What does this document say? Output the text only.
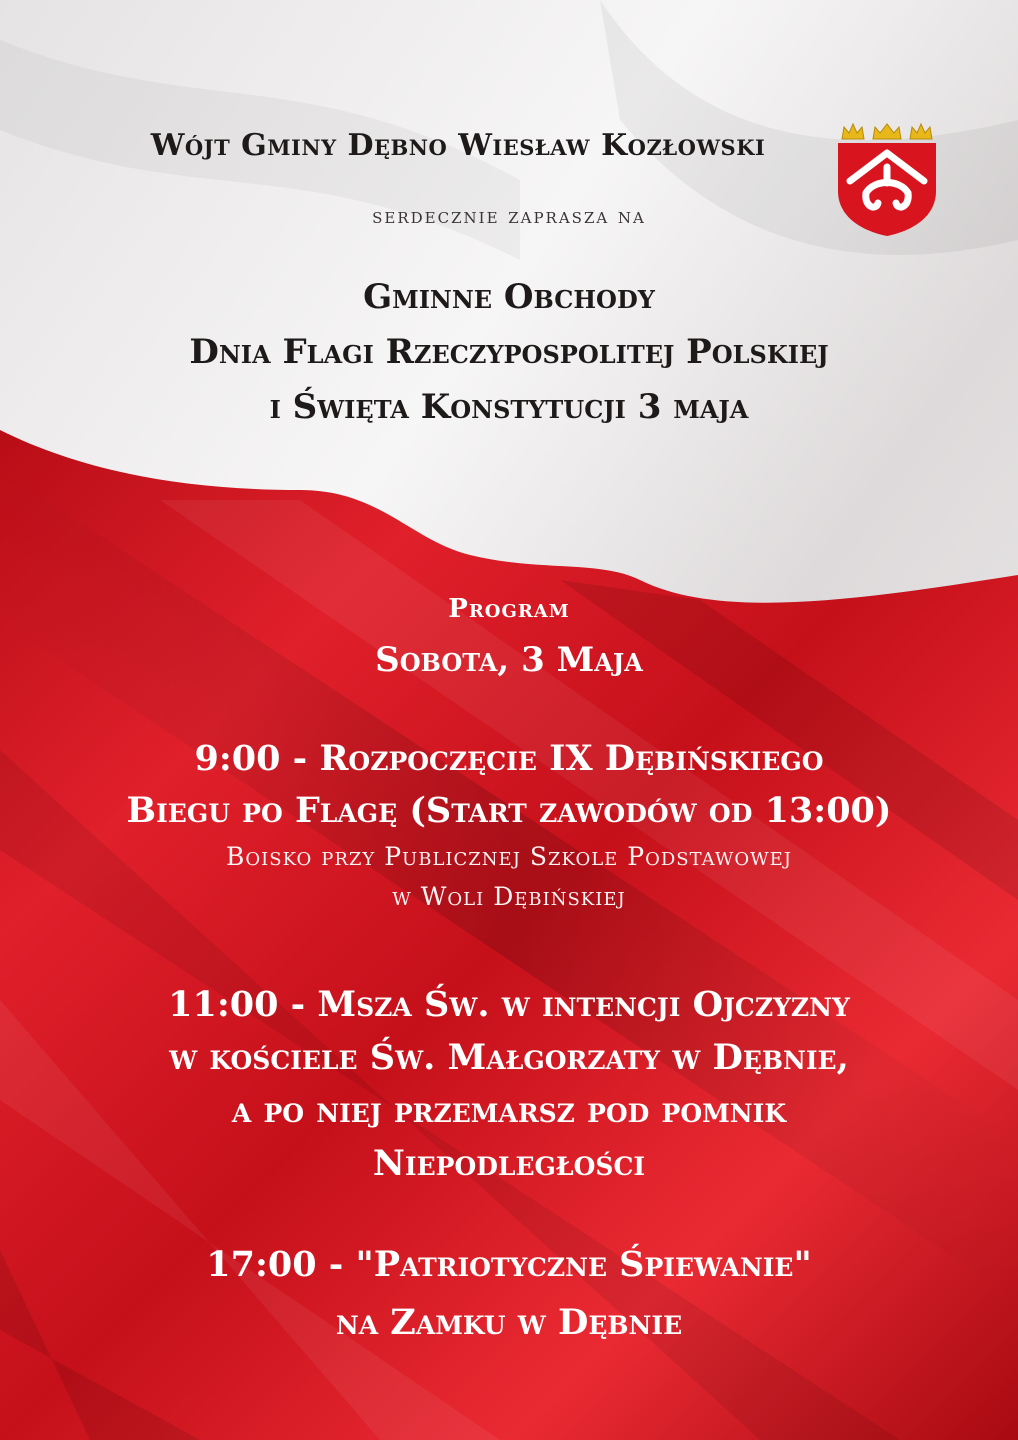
Wójt Gminy Dębno Wiesław Kozłowski
serdecznie zaprasza na
Gminne Obchody
Dnia Flagi Rzeczypospolitej Polskiej
i Święta Konstytucji 3 maja
Program
Sobota, 3 Maja
9:00 - Rozpoczęcie IX Dębińskiego
Biegu po Flagę (Start zawodów od 13:00)
Boisko przy Publicznej Szkole Podstawowej
w Woli Dębińskiej
11:00 - Msza Św. w intencji Ojczyzny
w kościele Św. Małgorzaty w Dębnie,
a po niej przemarsz pod pomnik
Niepodległości
17:00 - "Patriotyczne Śpiewanie"
na Zamku w Dębnie
